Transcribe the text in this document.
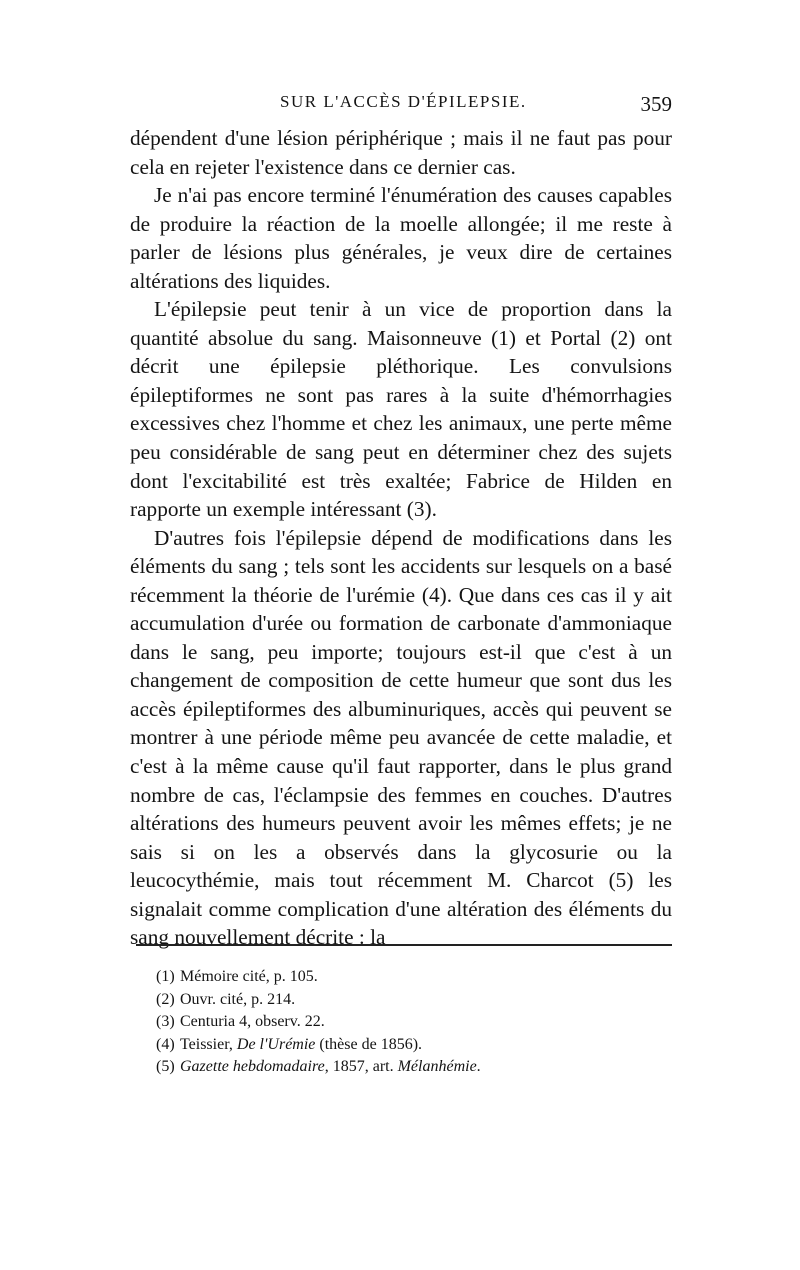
SUR L'ACCÈS D'ÉPILEPSIE.	359

dépendent d'une lésion périphérique ; mais il ne faut pas pour cela en rejeter l'existence dans ce dernier cas.

Je n'ai pas encore terminé l'énumération des causes capables de produire la réaction de la moelle allongée; il me reste à parler de lésions plus générales, je veux dire de certaines altérations des liquides.

L'épilepsie peut tenir à un vice de proportion dans la quantité absolue du sang. Maisonneuve (1) et Portal (2) ont décrit une épilepsie pléthorique. Les convulsions épileptiformes ne sont pas rares à la suite d'hémorrhagies excessives chez l'homme et chez les animaux, une perte même peu considérable de sang peut en déterminer chez des sujets dont l'excitabilité est très exaltée; Fabrice de Hilden en rapporte un exemple intéressant (3).

D'autres fois l'épilepsie dépend de modifications dans les éléments du sang ; tels sont les accidents sur lesquels on a basé récemment la théorie de l'urémie (4). Que dans ces cas il y ait accumulation d'urée ou formation de carbonate d'ammoniaque dans le sang, peu importe; toujours est-il que c'est à un changement de composition de cette humeur que sont dus les accès épileptiformes des albuminuriques, accès qui peuvent se montrer à une période même peu avancée de cette maladie, et c'est à la même cause qu'il faut rapporter, dans le plus grand nombre de cas, l'éclampsie des femmes en couches. D'autres altérations des humeurs peuvent avoir les mêmes effets; je ne sais si on les a observés dans la glycosurie ou la leucocythémie, mais tout récemment M. Charcot (5) les signalait comme complication d'une altération des éléments du sang nouvellement décrite : la

(1) Mémoire cité, p. 105.
(2) Ouvr. cité, p. 214.
(3) Centuria 4, observ. 22.
(4) Teissier, De l'Urémie (thèse de 1856).
(5) Gazette hebdomadaire, 1857, art. Mélanhémie.
